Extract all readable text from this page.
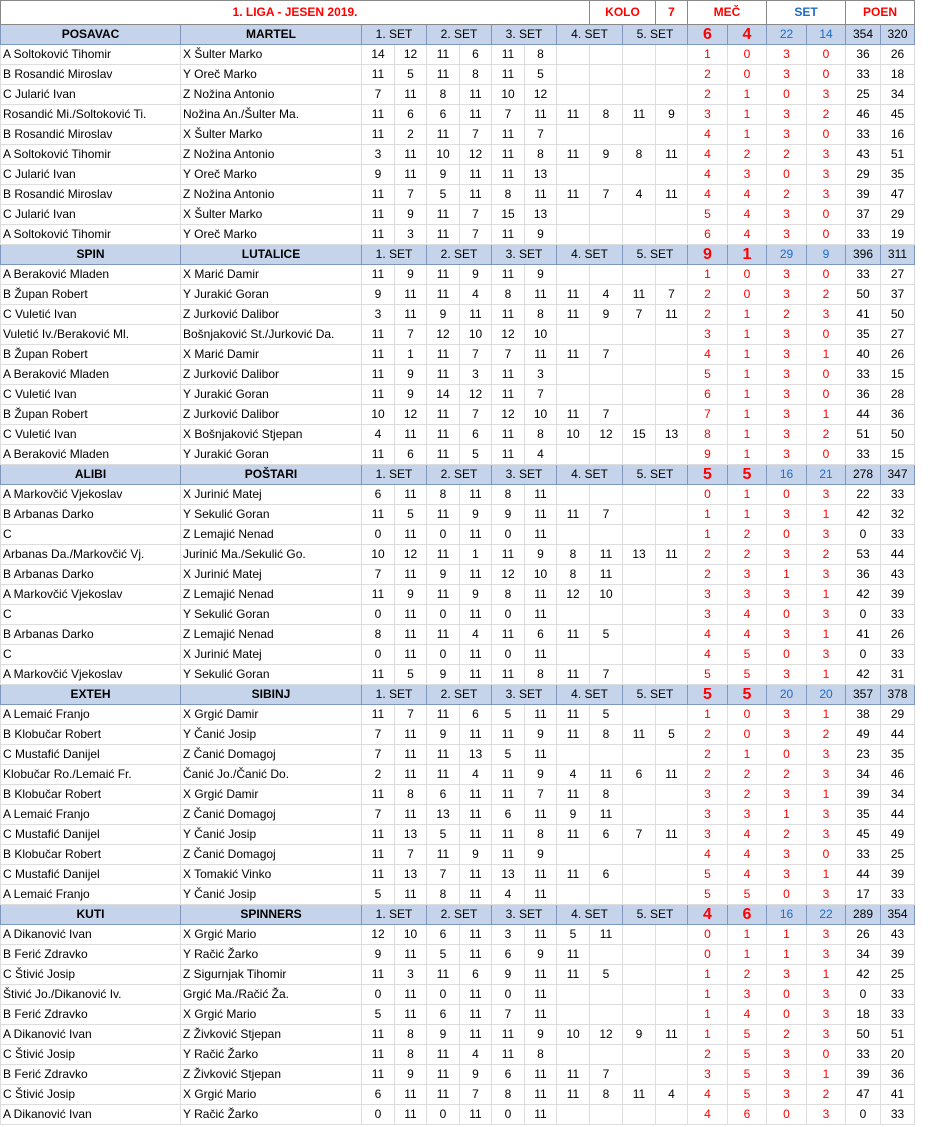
1. LIGA - JESEN 2019.									KOLO		7	MEČ		SET		POEN	
POSAVAC	MARTEL	1. SET		2. SET		3. SET		4. SET		5. SET		6	4	22	14	354	320
A Soltoković Tihomir	X Šulter Marko	14	12	11	6	11	8					1	0	3	0	36	26
B Rosandić Miroslav	Y Oreč Marko	11	5	11	8	11	5					2	0	3	0	33	18
C Jularić Ivan	Z Nožina Antonio	7	11	8	11	10	12					2	1	0	3	25	34
Rosandić Mi./Soltoković Ti.	Nožina An./Šulter Ma.	11	6	6	11	7	11	11	8	11	9	3	1	3	2	46	45
B Rosandić Miroslav	X Šulter Marko	11	2	11	7	11	7					4	1	3	0	33	16
A Soltoković Tihomir	Z Nožina Antonio	3	11	10	12	11	8	11	9	8	11	4	2	2	3	43	51
C Jularić Ivan	Y Oreč Marko	9	11	9	11	11	13					4	3	0	3	29	35
B Rosandić Miroslav	Z Nožina Antonio	11	7	5	11	8	11	11	7	4	11	4	4	2	3	39	47
C Jularić Ivan	X Šulter Marko	11	9	11	7	15	13					5	4	3	0	37	29
A Soltoković Tihomir	Y Oreč Marko	11	3	11	7	11	9					6	4	3	0	33	19
SPIN	LUTALICE	1. SET		2. SET		3. SET		4. SET		5. SET		9	1	29	9	396	311
A Beraković Mladen	X Marić Damir	11	9	11	9	11	9					1	0	3	0	33	27
B Župan Robert	Y Jurakić Goran	9	11	11	4	8	11	11	4	11	7	2	0	3	2	50	37
C Vuletić Ivan	Z Jurković Dalibor	3	11	9	11	11	8	11	9	7	11	2	1	2	3	41	50
Vuletić Iv./Beraković Ml.	Bošnjaković St./Jurković Da.	11	7	12	10	12	10					3	1	3	0	35	27
B Župan Robert	X Marić Damir	11	1	11	7	7	11	11	7			4	1	3	1	40	26
A Beraković Mladen	Z Jurković Dalibor	11	9	11	3	11	3					5	1	3	0	33	15
C Vuletić Ivan	Y Jurakić Goran	11	9	14	12	11	7					6	1	3	0	36	28
B Župan Robert	Z Jurković Dalibor	10	12	11	7	12	10	11	7			7	1	3	1	44	36
C Vuletić Ivan	X Bošnjaković Stjepan	4	11	11	6	11	8	10	12	15	13	8	1	3	2	51	50
A Beraković Mladen	Y Jurakić Goran	11	6	11	5	11	4					9	1	3	0	33	15
ALIBI	POŠTARI	1. SET		2. SET		3. SET		4. SET		5. SET		5	5	16	21	278	347
A Markovčić Vjekoslav	X Jurinić Matej	6	11	8	11	8	11					0	1	0	3	22	33
B Arbanas Darko	Y Sekulić Goran	11	5	11	9	9	11	11	7			1	1	3	1	42	32
C	Z Lemajić Nenad	0	11	0	11	0	11					1	2	0	3	0	33
Arbanas Da./Markovčić Vj.	Jurinić Ma./Sekulić Go.	10	12	11	1	11	9	8	11	13	11	2	2	3	2	53	44
B Arbanas Darko	X Jurinić Matej	7	11	9	11	12	10	8	11			2	3	1	3	36	43
A Markovčić Vjekoslav	Z Lemajić Nenad	11	9	11	9	8	11	12	10			3	3	3	1	42	39
C	Y Sekulić Goran	0	11	0	11	0	11					3	4	0	3	0	33
B Arbanas Darko	Z Lemajić Nenad	8	11	11	4	11	6	11	5			4	4	3	1	41	26
C	X Jurinić Matej	0	11	0	11	0	11					4	5	0	3	0	33
A Markovčić Vjekoslav	Y Sekulić Goran	11	5	9	11	11	8	11	7			5	5	3	1	42	31
EXTEH	SIBINJ	1. SET		2. SET		3. SET		4. SET		5. SET		5	5	20	20	357	378
A Lemaić Franjo	X Grgić Damir	11	7	11	6	5	11	11	5			1	0	3	1	38	29
B Klobučar Robert	Y Čanić Josip	7	11	9	11	11	9	11	8	11	5	2	0	3	2	49	44
C Mustafić Danijel	Z Čanić Domagoj	7	11	11	13	5	11					2	1	0	3	23	35
Klobučar Ro./Lemaić Fr.	Čanić Jo./Čanić Do.	2	11	11	4	11	9	4	11	6	11	2	2	2	3	34	46
B Klobučar Robert	X Grgić Damir	11	8	6	11	11	7	11	8			3	2	3	1	39	34
A Lemaić Franjo	Z Čanić Domagoj	7	11	13	11	6	11	9	11			3	3	1	3	35	44
C Mustafić Danijel	Y Čanić Josip	11	13	5	11	11	8	11	6	7	11	3	4	2	3	45	49
B Klobučar Robert	Z Čanić Domagoj	11	7	11	9	11	9					4	4	3	0	33	25
C Mustafić Danijel	X Tomakić Vinko	11	13	7	11	13	11	11	6			5	4	3	1	44	39
A Lemaić Franjo	Y Čanić Josip	5	11	8	11	4	11					5	5	0	3	17	33
KUTI	SPINNERS	1. SET		2. SET		3. SET		4. SET		5. SET		4	6	16	22	289	354
A Dikanović Ivan	X Grgić Mario	12	10	6	11	3	11	5	11			0	1	1	3	26	43
B Ferić Zdravko	Y Račić Žarko	9	11	5	11	6	9	11				0	1	1	3	34	39
C Štivić Josip	Z Sigurnjak Tihomir	11	3	11	6	9	11	11	5			1	2	3	1	42	25
Štivić Jo./Dikanović Iv.	Grgić Ma./Račić Ža.	0	11	0	11	0	11					1	3	0	3	0	33
B Ferić Zdravko	X Grgić Mario	5	11	6	11	7	11					1	4	0	3	18	33
A Dikanović Ivan	Z Živković Stjepan	11	8	9	11	11	9	10	12	9	11	1	5	2	3	50	51
C Štivić Josip	Y Račić Žarko	11	8	11	4	11	8					2	5	3	0	33	20
B Ferić Zdravko	Z Živković Stjepan	11	9	11	9	6	11	11	7			3	5	3	1	39	36
C Štivić Josip	X Grgić Mario	6	11	11	7	8	11	11	8	11	4	4	5	3	2	47	41
A Dikanović Ivan	Y Račić Žarko	0	11	0	11	0	11					4	6	0	3	0	33
